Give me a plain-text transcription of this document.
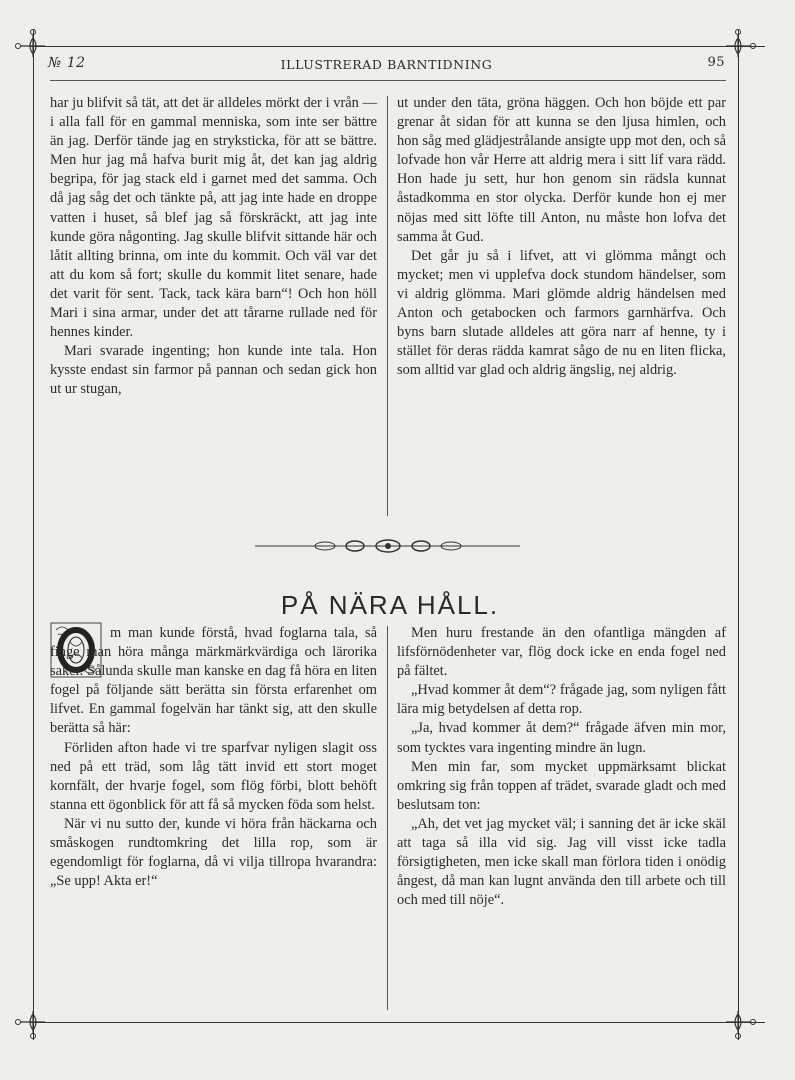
№ 12	ILLUSTRERAD BARNTIDNING	95

har ju blifvit så tät, att det är alldeles mörkt der i vrån — i alla fall för en gammal menniska, som inte ser bättre än jag. Derför tände jag en stryksticka, för att se bättre. Men hur jag må hafva burit mig åt, det kan jag aldrig begripa, för jag stack eld i garnet med det samma. Och då jag såg det och tänkte på, att jag inte hade en droppe vatten i huset, så blef jag så förskräckt, att jag inte kunde göra någonting. Jag skulle blifvit sittande här och låtit allting brinna, om inte du kommit. Och väl var det att du kom så fort; skulle du kommit litet senare, hade det varit för sent. Tack, tack kära barn“! Och hon höll Mari i sina armar, under det att tårarne rullade ned för hennes kinder.

Mari svarade ingenting; hon kunde inte tala. Hon kysste endast sin farmor på pannan och sedan gick hon ut ur stugan,

ut under den täta, gröna häggen. Och hon böjde ett par grenar åt sidan för att kunna se den ljusa himlen, och hon såg med glädjestrålande ansigte upp mot den, och så lofvade hon vår Herre att aldrig mera i sitt lif vara rädd. Hon hade ju sett, hur hon genom sin rädsla kunnat åstadkomma en stor olycka. Derför kunde hon ej mer nöjas med sitt löfte till Anton, nu måste hon lofva det samma åt Gud.

Det går ju så i lifvet, att vi glömma mångt och mycket; men vi upplefva dock stundom händelser, som vi aldrig glömma. Mari glömde aldrig händelsen med Anton och getabocken och farmors garnhärfva. Och byns barn slutade alldeles att göra narr af henne, ty i stället för deras rädda kamrat sågo de nu en liten flicka, som alltid var glad och aldrig ängslig, nej aldrig.

PÅ NÄRA HÅLL.

m man kunde förstå, hvad foglarna tala, så finge man höra många märkmärkvärdiga och lärorika saker. Sålunda skulle man kanske en dag få höra en liten fogel på följande sätt berätta sin första erfarenhet om lifvet. En gammal fogelvän har tänkt sig, att den skulle berätta så här:

Förliden afton hade vi tre sparfvar nyligen slagit oss ned på ett träd, som låg tätt invid ett stort moget kornfält, der hvarje fogel, som flög förbi, blott behöft stanna ett ögonblick för att få så mycken föda som helst.

När vi nu sutto der, kunde vi höra från häckarna och småskogen rundtomkring det lilla rop, som är egendomligt för foglarna, då vi vilja tillropa hvarandra: „Se upp! Akta er!“

Men huru frestande än den ofantliga mängden af lifsförnödenheter var, flög dock icke en enda fogel ned på fältet.

„Hvad kommer åt dem“? frågade jag, som nyligen fått lära mig betydelsen af detta rop.

„Ja, hvad kommer åt dem?“ frågade äfven min mor, som tycktes vara ingenting mindre än lugn.

Men min far, som mycket uppmärksamt blickat omkring sig från toppen af trädet, svarade gladt och med beslutsam ton:

„Ah, det vet jag mycket väl; i sanning det är icke skäl att taga så illa vid sig. Jag vill visst icke tadla försigtigheten, men icke skall man förlora tiden i onödig ångest, då man kan lugnt använda den till arbete och till och med till nöje“.
